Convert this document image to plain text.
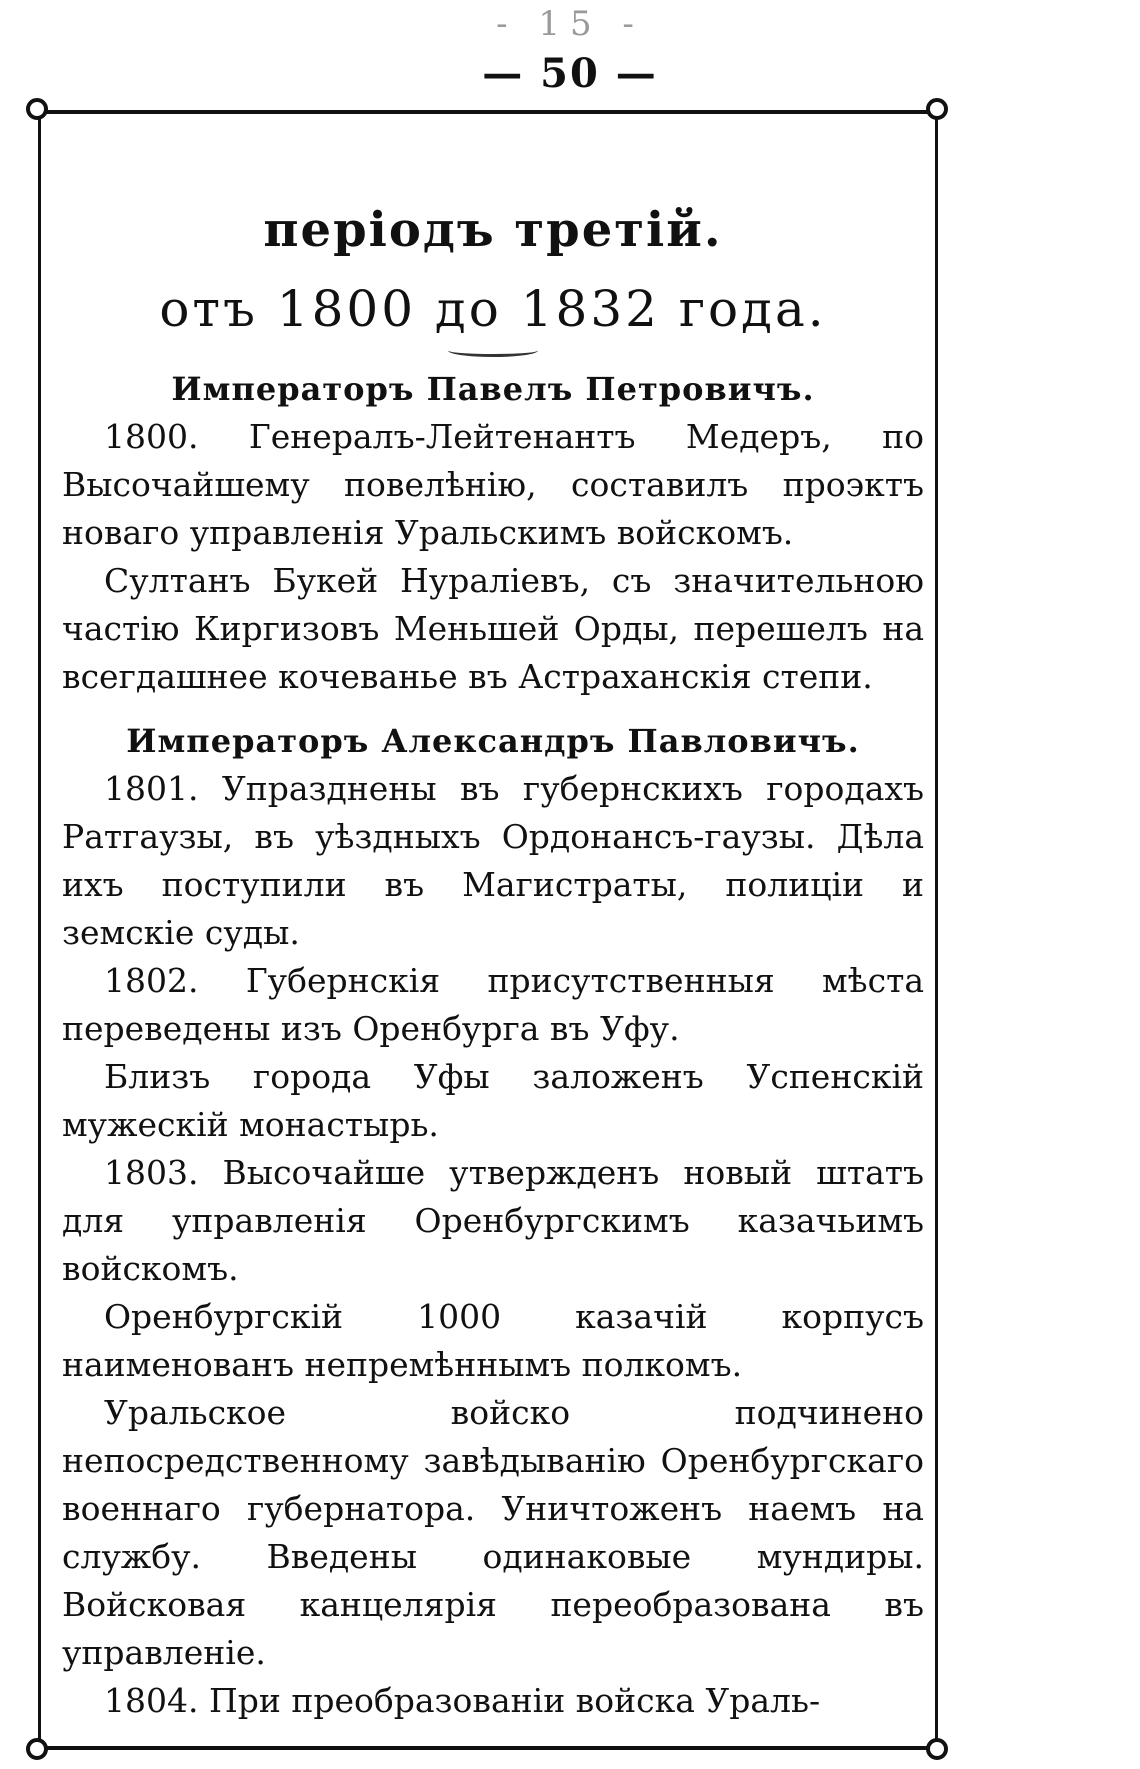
- 15 -
— 50 —
періодъ третій.
отъ 1800 до 1832 года.
Императоръ Павелъ Петровичъ.

1800. Генералъ-Лейтенантъ Медеръ, по Высочайшему повелѣнію, составилъ проэктъ новаго управленія Уральскимъ войскомъ.

Султанъ Букей Нураліевъ, съ значительною частію Киргизовъ Меньшей Орды, перешелъ на всегдашнее кочеванье въ Астраханскія степи.

Императоръ Александръ Павловичъ.

1801. Упразднены въ губернскихъ городахъ Ратгаузы, въ уѣздныхъ Ордонансъ-гаузы. Дѣла ихъ поступили въ Магистраты, полиціи и земскіе суды.

1802. Губернскія присутственныя мѣста переведены изъ Оренбурга въ Уфу.

Близъ города Уфы заложенъ Успенскій мужескій монастырь.

1803. Высочайше утвержденъ новый штатъ для управленія Оренбургскимъ казачьимъ войскомъ.

Оренбургскій 1000 казачій корпусъ наименованъ непремѣннымъ полкомъ.

Уральское войско подчинено непосредственному завѣдыванію Оренбургскаго военнаго губернатора. Уничтоженъ наемъ на службу. Введены одинаковые мундиры. Войсковая канцелярія переобразована въ управленіе.

1804. При преобразованіи войска Ураль-
